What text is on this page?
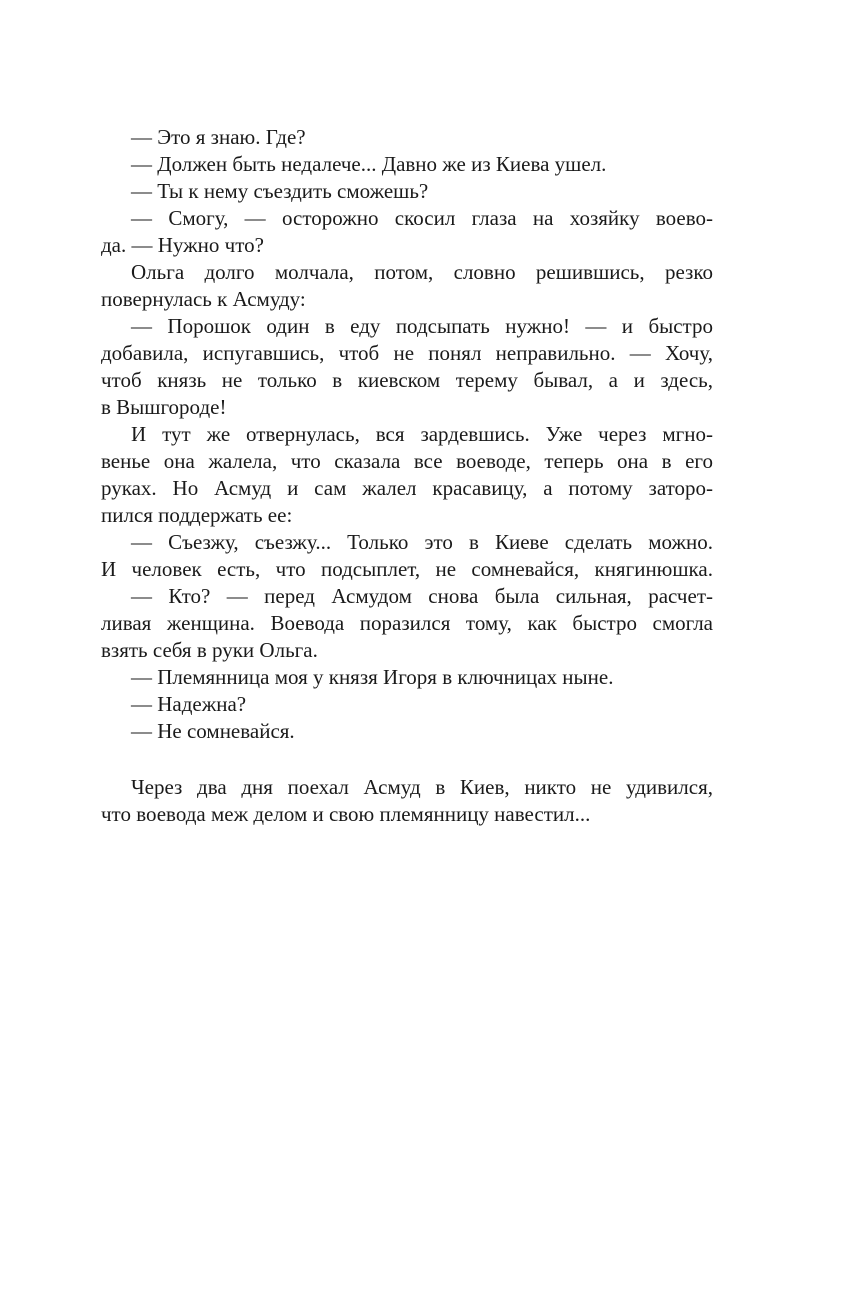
— Это я знаю. Где?
— Должен быть недалече... Давно же из Киева ушел.
— Ты к нему съездить сможешь?
— Смогу, — осторожно скосил глаза на хозяйку воево-
да. — Нужно что?
Ольга долго молчала, потом, словно решившись, резко
повернулась к Асмуду:
— Порошок один в еду подсыпать нужно! — и быстро
добавила, испугавшись, чтоб не понял неправильно. — Хочу,
чтоб князь не только в киевском терему бывал, а и здесь,
в Вышгороде!
И тут же отвернулась, вся зардевшись. Уже через мгно-
венье она жалела, что сказала все воеводе, теперь она в его
руках. Но Асмуд и сам жалел красавицу, а потому заторо-
пился поддержать ее:
— Съезжу, съезжу... Только это в Киеве сделать можно.
И человек есть, что подсыплет, не сомневайся, княгинюшка.
— Кто? — перед Асмудом снова была сильная, расчет-
ливая женщина. Воевода поразился тому, как быстро смогла
взять себя в руки Ольга.
— Племянница моя у князя Игоря в ключницах ныне.
— Надежна?
— Не сомневайся.
Через два дня поехал Асмуд в Киев, никто не удивился,
что воевода меж делом и свою племянницу навестил...
